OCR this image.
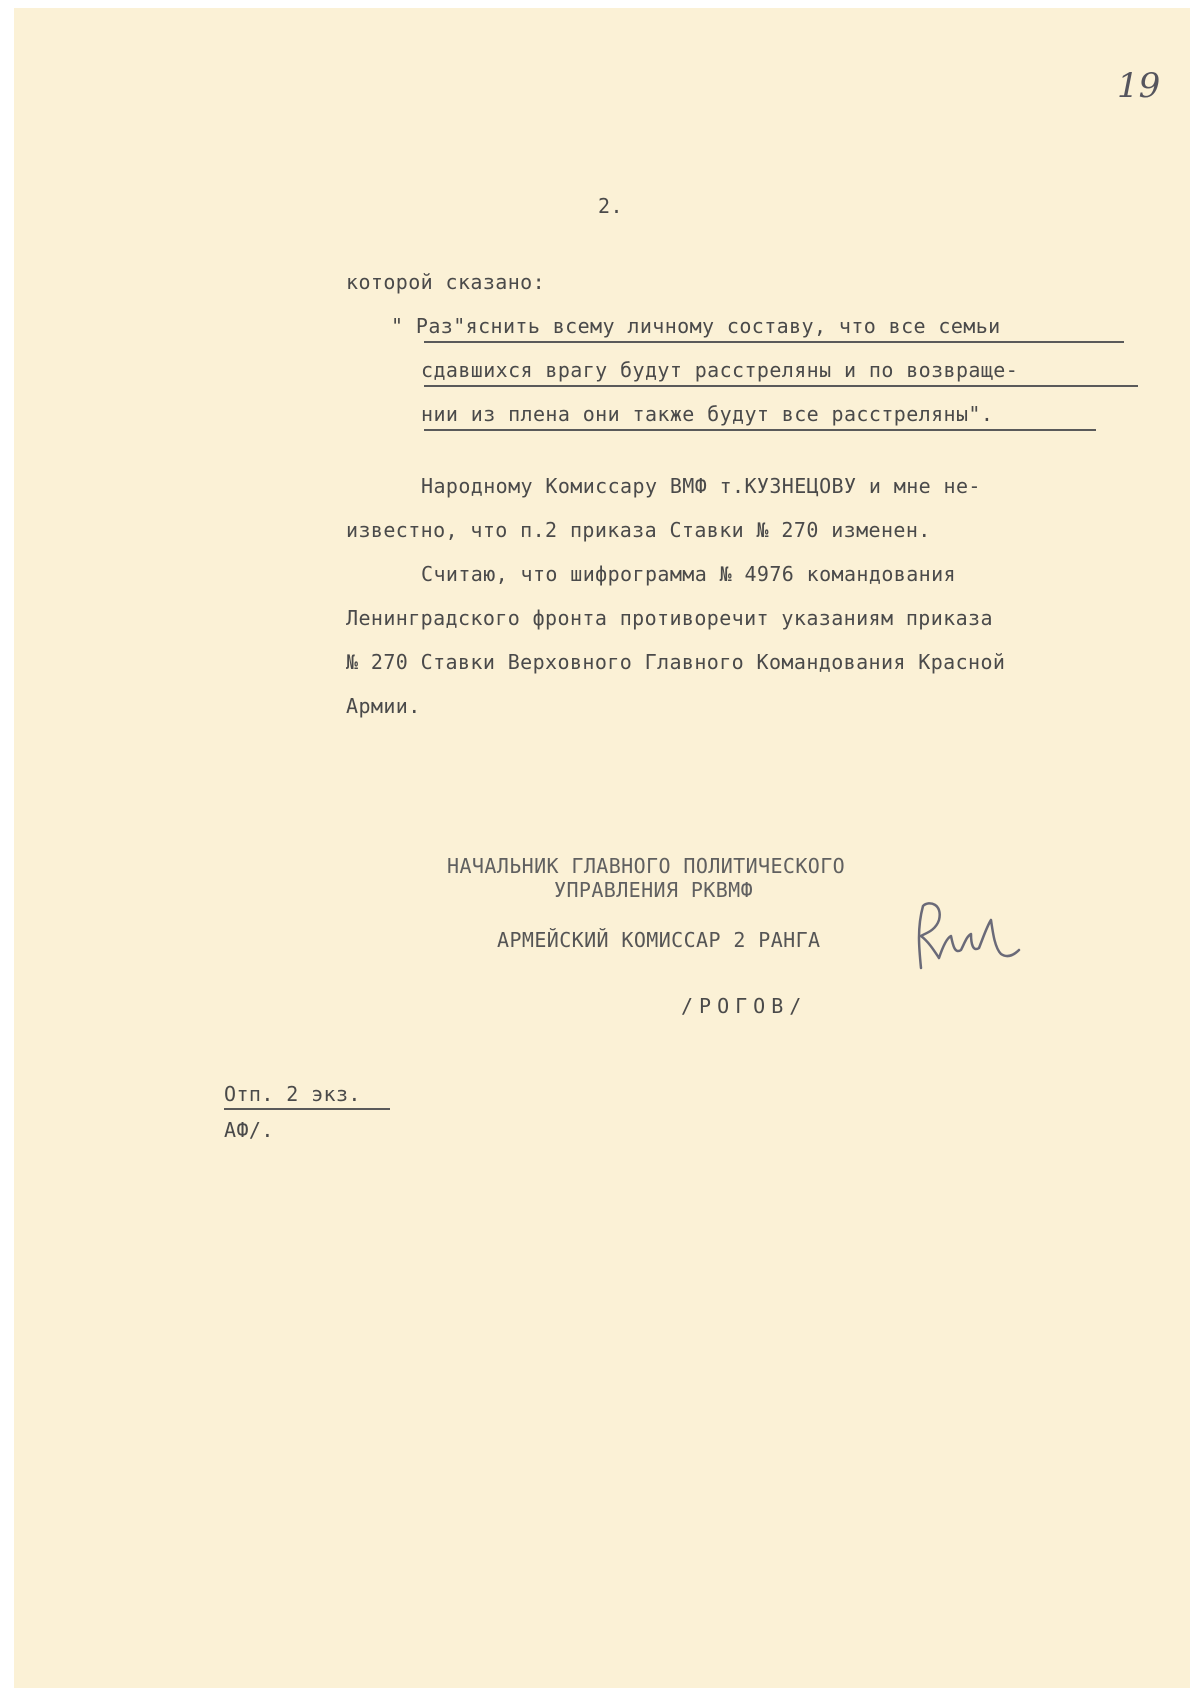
19
2.
которой сказано:
" Раз"яснить всему личному составу, что все семьи
сдавшихся врагу будут расстреляны и по возвраще-
нии из плена они также будут все расстреляны".
Народному Комиссару ВМФ т.КУЗНЕЦОВУ и мне не-
известно, что п.2 приказа Ставки № 270 изменен.
Считаю, что шифрограмма № 4976 командования
Ленинградского фронта противоречит указаниям приказа
№ 270 Ставки Верховного Главного Командования Красной
Армии.
НАЧАЛЬНИК ГЛАВНОГО ПОЛИТИЧЕСКОГО
УПРАВЛЕНИЯ РКВМФ
АРМЕЙСКИЙ КОМИССАР 2 РАНГА
/РОГОВ/
Отп. 2 экз.
АФ/.
